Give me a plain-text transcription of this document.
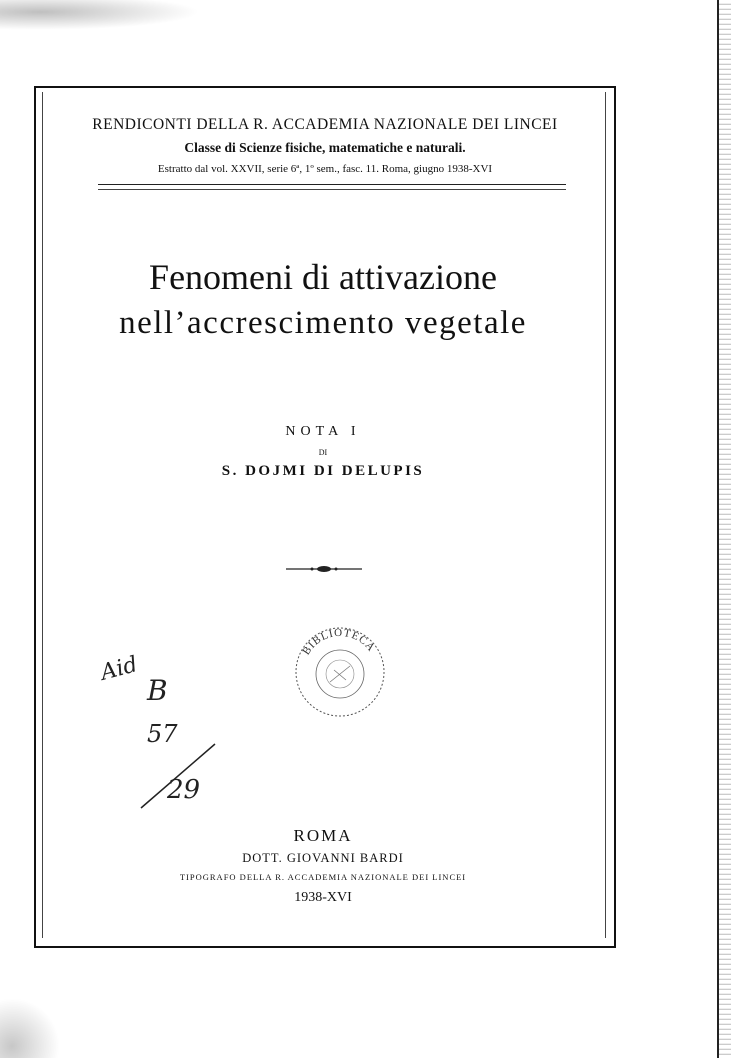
RENDICONTI DELLA R. ACCADEMIA NAZIONALE DEI LINCEI
Classe di Scienze fisiche, matematiche e naturali.
Estratto dal vol. XXVII, serie 6ª, 1º sem., fasc. 11. Roma, giugno 1938-XVI
Fenomeni di attivazione
nell’accrescimento vegetale
NOTA I
DI
S. DOJMI DI DELUPIS
BIBLIOTECA
Aid
B
57
29
ROMA
DOTT. GIOVANNI BARDI
TIPOGRAFO DELLA R. ACCADEMIA NAZIONALE DEI LINCEI
1938-XVI
